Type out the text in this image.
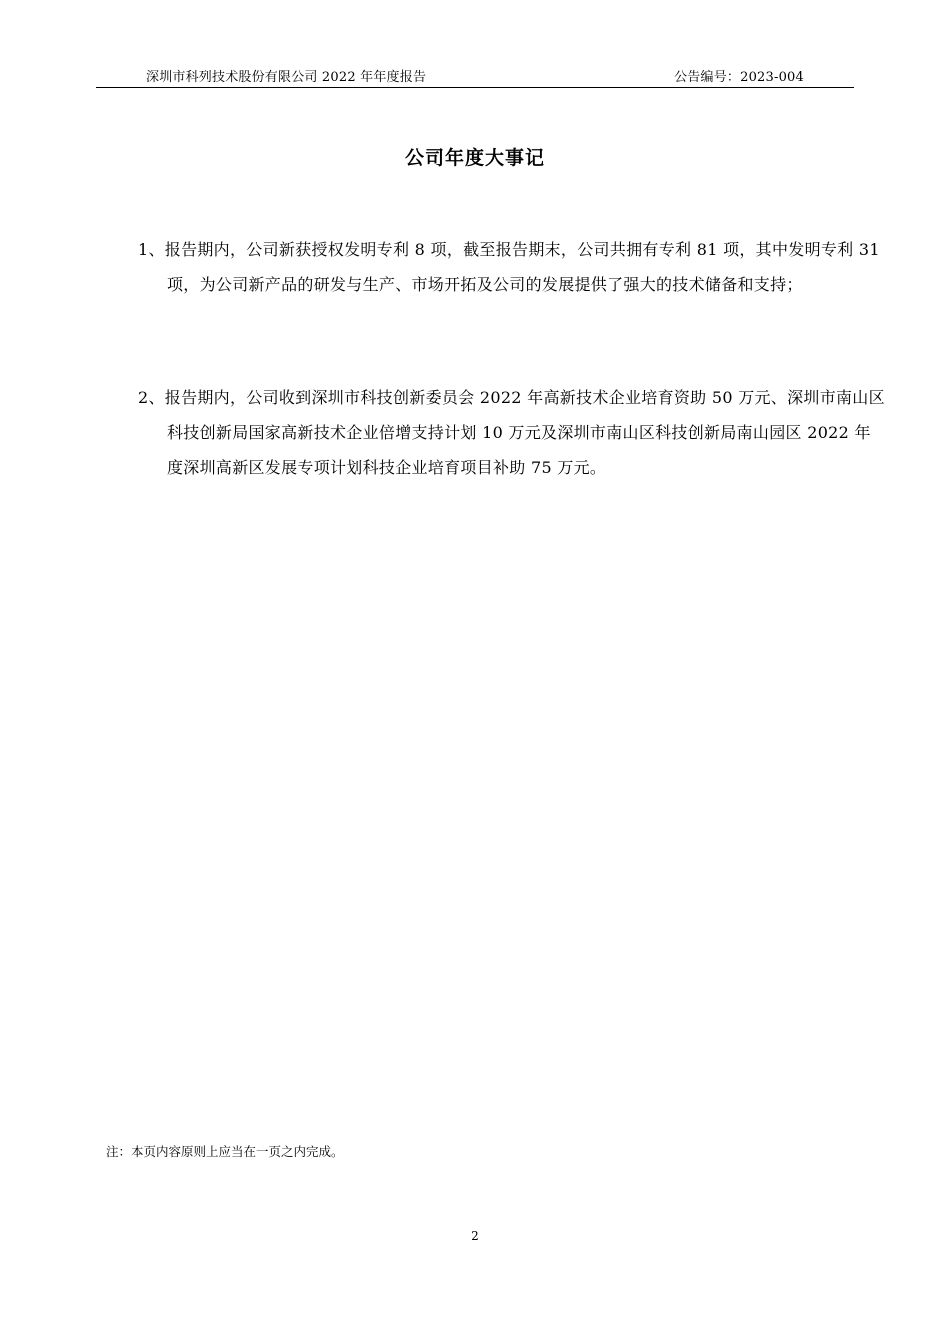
深圳市科列技术股份有限公司 2022 年年度报告	公告编号：2023-004
公司年度大事记
1、报告期内，公司新获授权发明专利 8 项，截至报告期末，公司共拥有专利 81 项，其中发明专利 31 项，为公司新产品的研发与生产、市场开拓及公司的发展提供了强大的技术储备和支持；
2、报告期内，公司收到深圳市科技创新委员会 2022 年高新技术企业培育资助 50 万元、深圳市南山区科技创新局国家高新技术企业倍增支持计划 10 万元及深圳市南山区科技创新局南山园区 2022 年度深圳高新区发展专项计划科技企业培育项目补助 75 万元。
注：本页内容原则上应当在一页之内完成。
2
